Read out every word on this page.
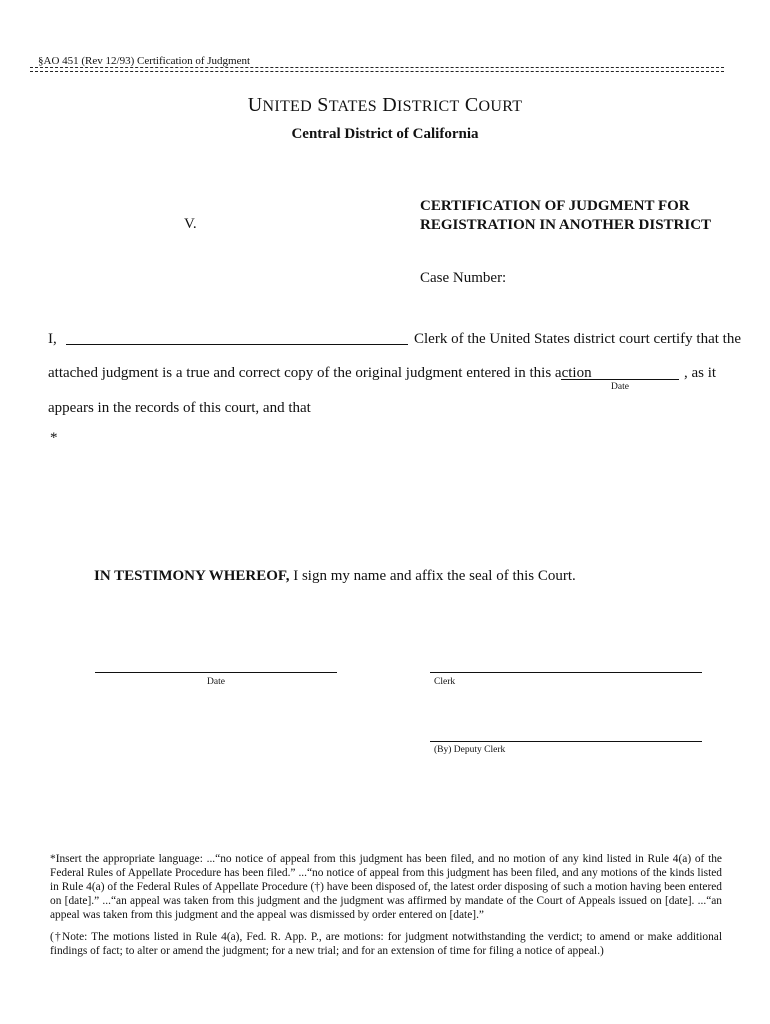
§AO 451 (Rev 12/93) Certification of Judgment
UNITED STATES DISTRICT COURT
Central District of California
V.
CERTIFICATION OF JUDGMENT FOR
REGISTRATION IN ANOTHER DISTRICT
Case Number:
I,	Clerk of the United States district court certify that the
attached judgment is a true and correct copy of the original judgment entered in this action	, as it
Date
appears in the records of this court, and that
*
IN TESTIMONY WHEREOF, I sign my name and affix the seal of this Court.
Date	Clerk
(By) Deputy Clerk

*Insert the appropriate language: ...“no notice of appeal from this judgment has been filed, and no motion of any kind listed in Rule 4(a) of the Federal Rules of Appellate Procedure has been filed.” ...“no notice of appeal from this judgment has been filed, and any motions of the kinds listed in Rule 4(a) of the Federal Rules of Appellate Procedure (†) have been disposed of, the latest order disposing of such a motion having been entered on [date].” ...“an appeal was taken from this judgment and the judgment was affirmed by mandate of the Court of Appeals issued on [date]. ...“an appeal was taken from this judgment and the appeal was dismissed by order entered on [date].”

(†Note: The motions listed in Rule 4(a), Fed. R. App. P., are motions: for judgment notwithstanding the verdict; to amend or make additional findings of fact; to alter or amend the judgment; for a new trial; and for an extension of time for filing a notice of appeal.)
